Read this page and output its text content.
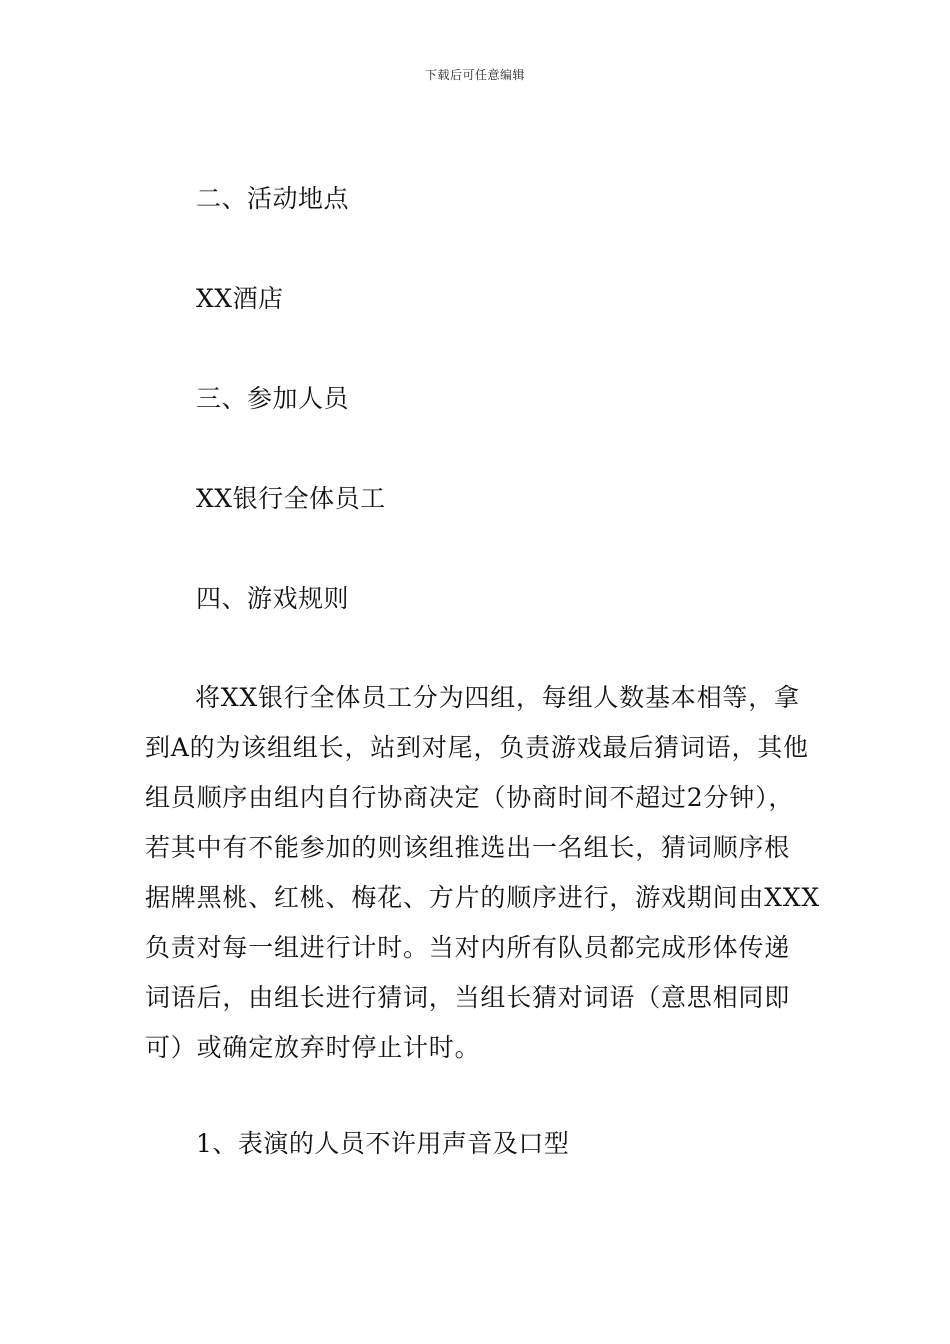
下载后可任意编辑
二、活动地点
XX酒店
三、参加人员
XX银行全体员工
四、游戏规则
将XX银行全体员工分为四组，每组人数基本相等，拿
到A的为该组组长，站到对尾，负责游戏最后猜词语，其他
组员顺序由组内自行协商决定（协商时间不超过2分钟），
若其中有不能参加的则该组推选出一名组长，猜词顺序根
据牌黑桃、红桃、梅花、方片的顺序进行，游戏期间由XXX
负责对每一组进行计时。当对内所有队员都完成形体传递
词语后，由组长进行猜词，当组长猜对词语（意思相同即
可）或确定放弃时停止计时。
1、表演的人员不许用声音及口型
